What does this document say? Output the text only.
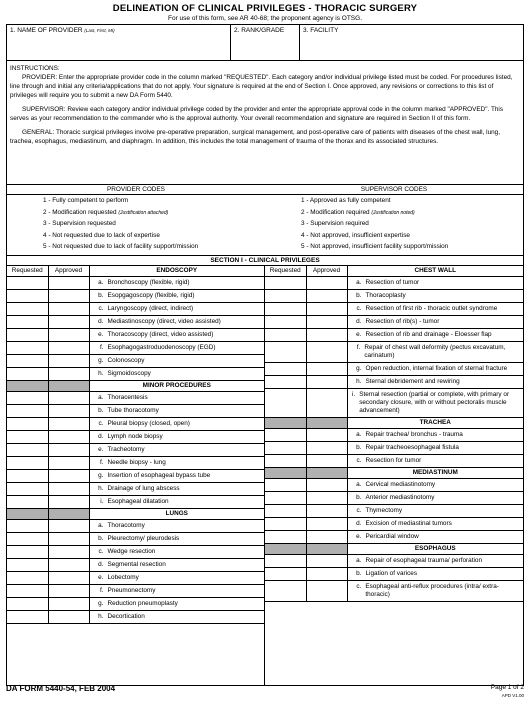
DELINEATION OF CLINICAL PRIVILEGES - THORACIC SURGERY
For use of this form, see AR 40-68; the proponent agency is OTSG.
1. NAME OF PROVIDER (Last, First, MI)	2. RANK/GRADE	3. FACILITY

INSTRUCTIONS:

PROVIDER: Enter the appropriate provider code in the column marked "REQUESTED". Each category and/or individual privilege listed must be coded. For procedures listed, line through and initial any criteria/applications that do not apply. Your signature is required at the end of Section I. Once approved, any revisions or corrections to this list of privileges will require you to submit a new DA Form 5440.

SUPERVISOR: Review each category and/or individual privilege coded by the provider and enter the appropriate approval code in the column marked "APPROVED". This serves as your recommendation to the commander who is the approval authority. Your overall recommendation and signature are required in Section II of this form.

GENERAL: Thoracic surgical privileges involve pre-operative preparation, surgical management, and post-operative care of patients with diseases of the chest wall, lung, trachea, esophagus, mediastinum, and diaphragm. In addition, this includes the total management of trauma of the thorax and its associated structures.

PROVIDER CODES
1 - Fully competent to perform
2 - Modification requested (Justification attached)
3 - Supervision requested
4 - Not requested due to lack of expertise
5 - Not requested due to lack of facility support/mission
SUPERVISOR CODES
1 - Approved as fully competent
2 - Modification required (Justification noted)
3 - Supervision required
4 - Not approved, insufficient expertise
5 - Not approved, insufficient facility support/mission
SECTION I - CLINICAL PRIVILEGES
Requested	Approved	ENDOSCOPY

		a. Bronchoscopy (flexible, rigid)

		b. Esopgagoscopy (flexible, rigid)

		c. Laryngoscopy (direct, indirect)

		d. Mediastinoscopy (direct, video assisted)

		e. Thoracoscopy (direct, video assisted)

		f. Esophagogastroduodenoscopy (EGD)

		g. Colonoscopy

		h. Sigmoidoscopy

		MINOR PROCEDURES

		a. Thoracentesis

		b. Tube thoracotomy

		c. Pleural biopsy (closed, open)

		d. Lymph node biopsy

		e. Tracheotomy

		f. Needle biopsy - lung

		g. Insertion of esophageal bypass tube

		h. Drainage of lung abscess

		i. Esophageal dilatation

		LUNGS

		a. Thoracotomy

		b. Pleurectomy/ pleurodesis

		c. Wedge resection

		d. Segmental resection

		e. Lobectomy

		f. Pneumonectomy

		g. Reduction pneumoplasty

		h. Decortication
Requested	Approved	CHEST WALL

		a. Resection of tumor

		b. Thoracoplasty

		c. Resection of first rib - thoracic outlet syndrome

		d. Resection of rib(s) - tumor

		e. Resection of rib and drainage - Eloesser flap

		f. Repair of chest wall deformity (pectus excavatum, carinatum)

		g. Open reduction, internal fixation of sternal fracture

		h. Sternal debridement and rewiring

		i. Sternal resection (partial or complete, with primary or secondary closure, with or without pectoralis muscle advancement)

		TRACHEA

		a. Repair trachea/ bronchus - trauma

		b. Repair tracheoesophageal fistula

		c. Resection for tumor

		MEDIASTINUM

		a. Cervical mediastinotomy

		b. Anterior mediastinotomy

		c. Thymectomy

		d. Excision of mediastinal tumors

		e. Pericardial window

		ESOPHAGUS

		a. Repair of esophageal trauma/ perforation

		b. Ligation of varices

		c. Esophageal anti-reflux procedures (intra/ extra-thoracic)
DA FORM 5440-54, FEB 2004	Page 1 of 2
APD V1.00
